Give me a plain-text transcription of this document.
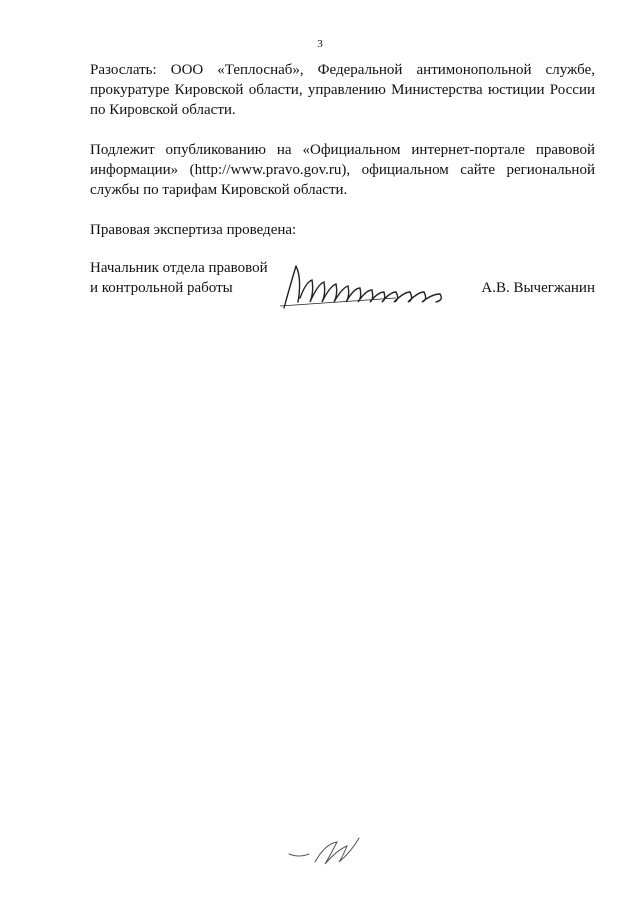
3
Разослать: ООО «Теплоснаб», Федеральной антимонопольной службе,
прокуратуре Кировской области, управлению Министерства юстиции России
по Кировской области.
Подлежит опубликованию на «Официальном интернет-портале правовой
информации» (http://www.pravo.gov.ru), официальном сайте региональной
службы по тарифам Кировской области.
Правовая экспертиза проведена:
Начальник отдела правовой
и контрольной работы	А.В. Вычегжанин
